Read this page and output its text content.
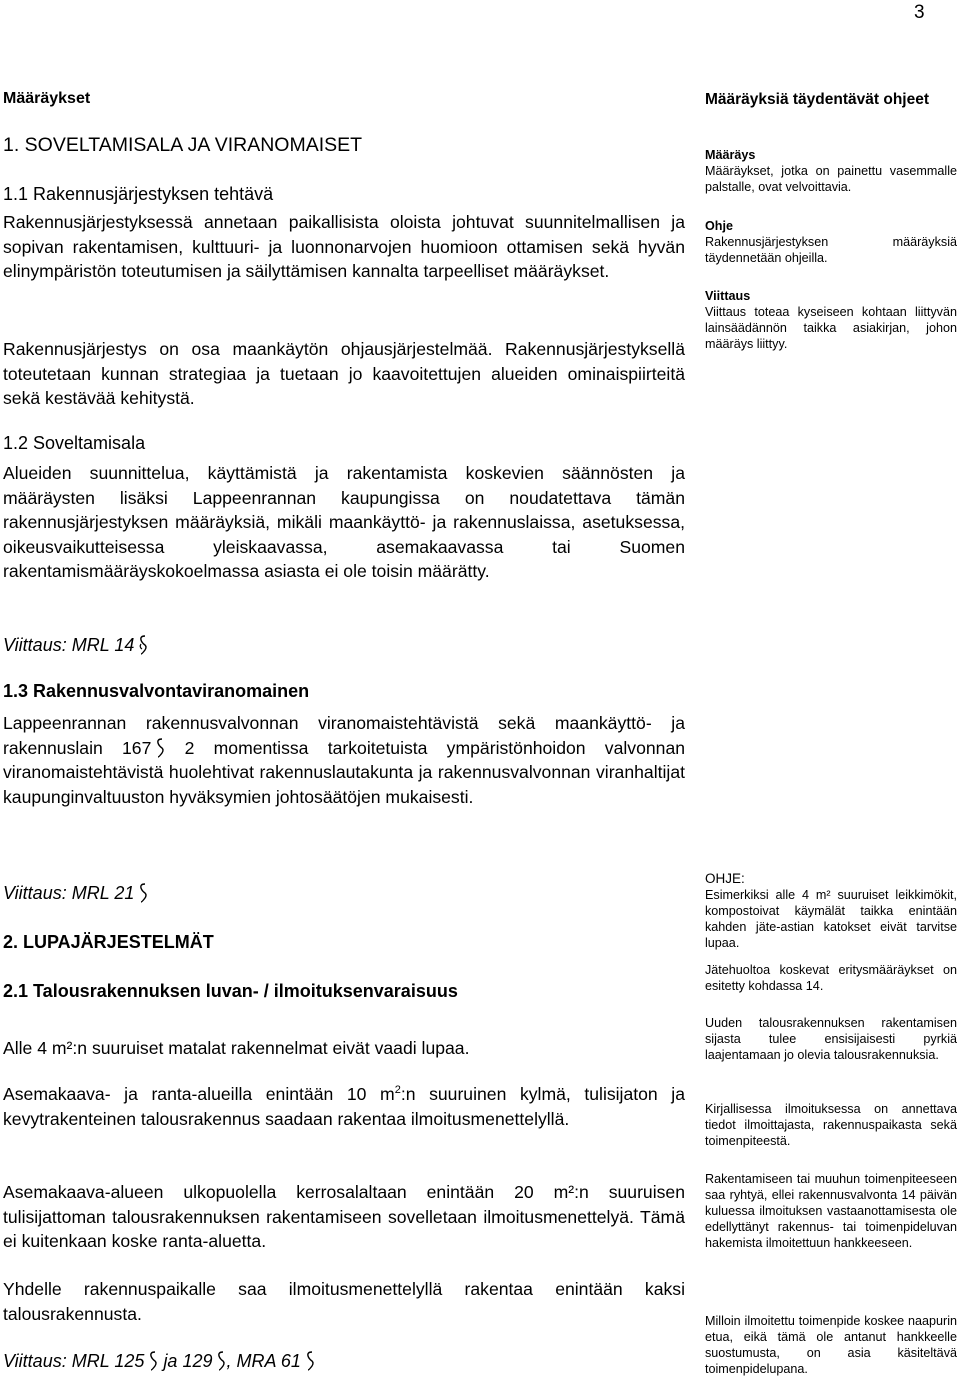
3
Määräykset
1. SOVELTAMISALA JA VIRANOMAISET
1.1 Rakennusjärjestyksen tehtävä

Rakennusjärjestyksessä annetaan paikallisista oloista johtuvat suunnitelmallisen ja sopivan rakentamisen, kulttuuri- ja luonnonarvojen huomioon ottamisen sekä hyvän elinympäristön toteutumisen ja säilyttämisen kannalta tarpeelliset määräykset.

Rakennusjärjestys on osa maankäytön ohjausjärjestelmää. Rakennusjärjestyksellä toteutetaan kunnan strategiaa ja tuetaan jo kaavoitettujen alueiden ominaispiirteitä sekä kestävää kehitystä.

1.2 Soveltamisala

Alueiden suunnittelua, käyttämistä ja rakentamista koskevien säännösten ja määräysten lisäksi Lappeenrannan kaupungissa on noudatettava tämän rakennusjärjestyksen määräyksiä, mikäli maankäyttö- ja rakennuslaissa, asetuksessa, oikeusvaikutteisessa yleiskaavassa, asemakaavassa tai Suomen rakentamismääräyskokoelmassa asiasta ei ole toisin määrätty.

Viittaus: MRL 14
1.3 Rakennusvalvontaviranomainen

Lappeenrannan rakennusvalvonnan viranomaistehtävistä sekä maankäyttö- ja rakennuslain 167 2 momentissa tarkoitetuista ympäristönhoidon valvonnan viranomaistehtävistä huolehtivat rakennuslautakunta ja rakennusvalvonnan viranhaltijat kaupunginvaltuuston hyväksymien johtosäätöjen mukaisesti.

Viittaus: MRL 21
2. LUPAJÄRJESTELMÄT
2.1 Talousrakennuksen luvan- / ilmoituksenvaraisuus

Alle 4 m²:n suuruiset matalat rakennelmat eivät vaadi lupaa.

Asemakaava- ja ranta-alueilla enintään 10 $m^2:n$ suuruinen kylmä, tulisijaton ja kevytrakenteinen talousrakennus saadaan rakentaa ilmoitusmenettelyllä.

Asemakaava-alueen ulkopuolella kerrosalaltaan enintään 20 m²:n suuruisen tulisijattoman talousrakennuksen rakentamiseen sovelletaan ilmoitusmenettelyä. Tämä ei kuitenkaan koske ranta-aluetta.

Yhdelle rakennuspaikalle saa ilmoitusmenettelyllä rakentaa enintään kaksi talousrakennusta.

Viittaus: MRL 125 ja 129 , MRA 61
Määräyksiä täydentävät ohjeet
Määräys
Määräykset, jotka on painettu vasemmalle palstalle, ovat velvoittavia.
Ohje
Rakennusjärjestyksen määräyksiä täydennetään ohjeilla.
Viittaus
Viittaus toteaa kyseiseen kohtaan liittyvän lainsäädännön taikka asiakirjan, johon määräys liittyy.
OHJE:
Esimerkiksi alle 4 m² suuruiset leikkimökit, kompostoivat käymälät taikka enintään kahden jäte-astian katokset eivät tarvitse lupaa.
Jätehuoltoa koskevat eritysmääräykset on esitetty kohdassa 14.
Uuden talousrakennuksen rakentamisen sijasta tulee ensisijaisesti pyrkiä laajentamaan jo olevia talousrakennuksia.
Kirjallisessa ilmoituksessa on annettava tiedot ilmoittajasta, rakennuspaikasta sekä toimenpiteestä.
Rakentamiseen tai muuhun toimenpiteeseen saa ryhtyä, ellei rakennusvalvonta 14 päivän kuluessa ilmoituksen vastaanottamisesta ole edellyttänyt rakennus- tai toimenpideluvan hakemista ilmoitettuun hankkeeseen.
Milloin ilmoitettu toimenpide koskee naapurin etua, eikä tämä ole antanut hankkeelle suostumusta, on asia käsiteltävä toimenpidelupana.
